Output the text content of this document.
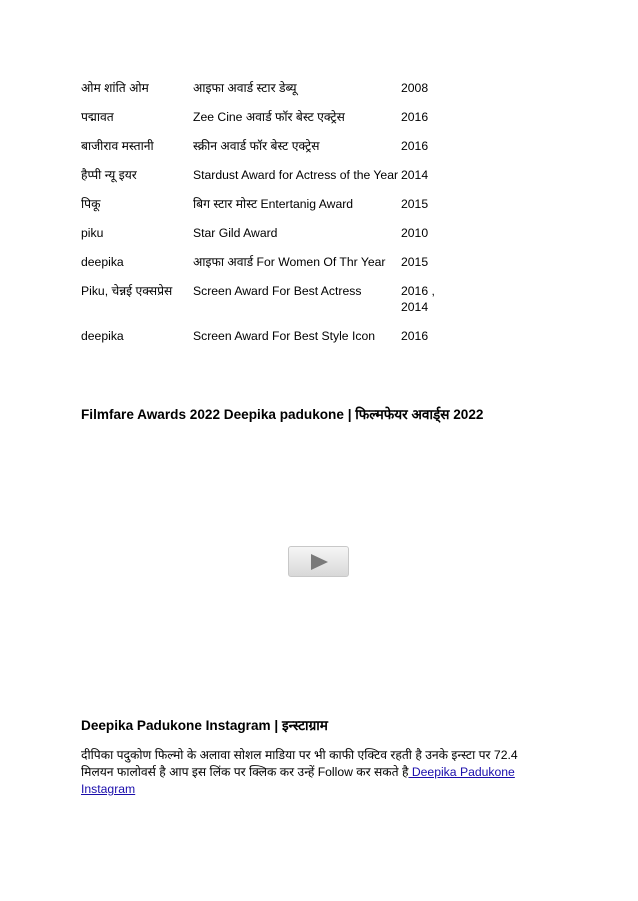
ओम शांति ओम	आइफा अवार्ड स्टार डेब्यू	2008
पद्मावत	Zee Cine अवार्ड फॉर बेस्ट एक्ट्रेस	2016
बाजीराव मस्तानी	स्क्रीन अवार्ड फॉर बेस्ट एक्ट्रेस	2016
हैप्पी न्यू इयर	Stardust Award for Actress of the Year 2014
पिकू	बिग स्टार मोस्ट Entertanig Award	2015
piku	Star Gild Award	2010
deepika	आइफा अवार्ड For Women Of Thr Year	2015
Piku, चेन्नई एक्सप्रेस	Screen Award For Best Actress	2016 , 2014
deepika	Screen Award For Best Style Icon	2016
Filmfare Awards 2022 Deepika padukone | फिल्मफेयर अवार्ड्स 2022
Deepika Padukone Instagram | इन्स्टाग्राम
दीपिका पदुकोण फिल्मो के अलावा सोशल माडिया पर भी काफी एक्टिव रहती है उनके इन्स्टा पर 72.4 मिलयन फालोवर्स है आप इस लिंक पर क्लिक कर उन्हें Follow कर सकते है Deepika Padukone Instagram
